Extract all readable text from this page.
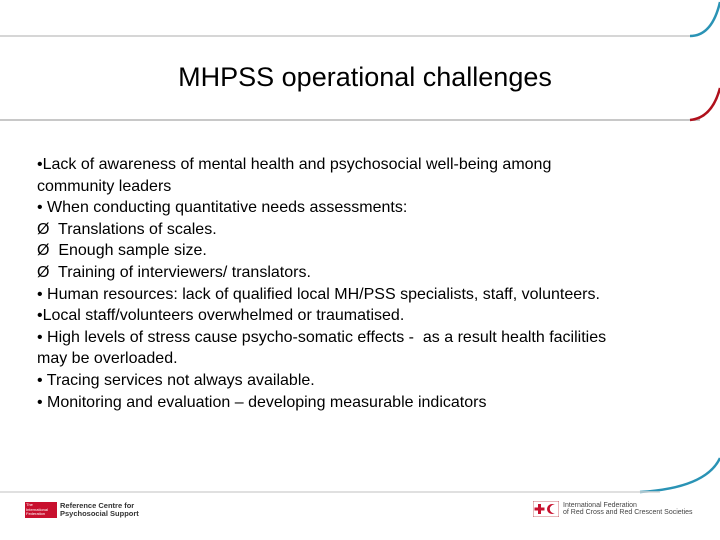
MHPSS operational challenges
•Lack of awareness of mental health and psychosocial well-being among
community leaders
• When conducting quantitative needs assessments:
Ø  Translations of scales.
Ø  Enough sample size.
Ø  Training of interviewers/ translators.
• Human resources: lack of qualified local MH/PSS specialists, staff, volunteers.
•Local staff/volunteers overwhelmed or traumatised.
• High levels of stress cause psycho-somatic effects -  as a result health facilities
may be overloaded.
• Tracing services not always available.
• Monitoring and evaluation – developing measurable indicators
The
International
Federation
Reference Centre for
Psychosocial Support
International Federation
of Red Cross and Red Crescent Societies
